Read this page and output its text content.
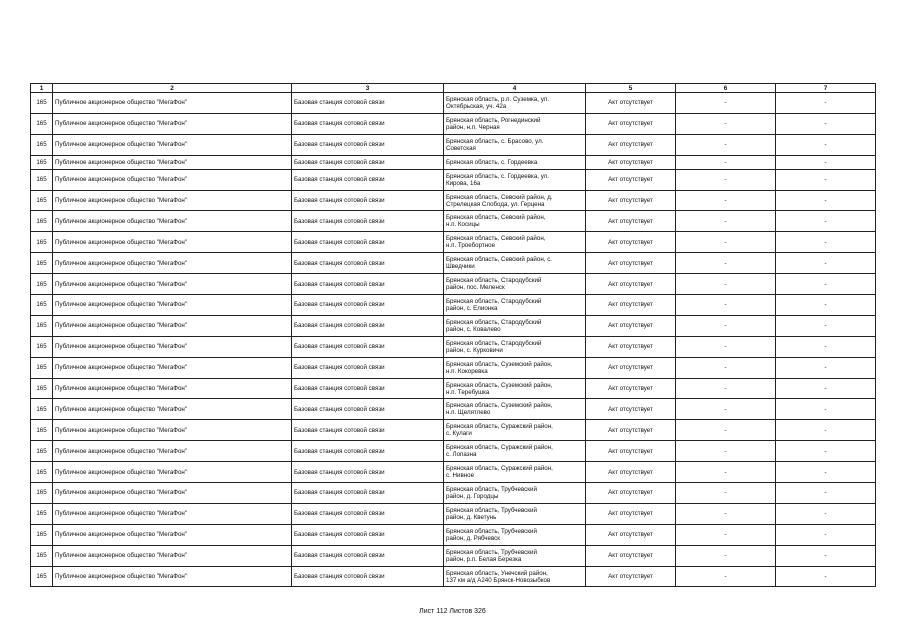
1	2	3	4	5	6	7
165	Публичное акционерное общество "МегаФон"	Базовая станция сотовой связи	Брянская область, р.п. Суземка, ул.
Октябрьская, уч. 42а	Акт отсутствует	-	-
165	Публичное акционерное общество "МегаФон"	Базовая станция сотовой связи	Брянская область, Рогнединский
район, н.п. Черная	Акт отсутствует	-	-
165	Публичное акционерное общество "МегаФон"	Базовая станция сотовой связи	Брянская область, с. Брасово, ул.
Советская	Акт отсутствует	-	-
165	Публичное акционерное общество "МегаФон"	Базовая станция сотовой связи	Брянская область, с. Гордеевка	Акт отсутствует	-	-
165	Публичное акционерное общество "МегаФон"	Базовая станция сотовой связи	Брянская область, с. Гордеевка, ул.
Кирова, 16а	Акт отсутствует	-	-
165	Публичное акционерное общество "МегаФон"	Базовая станция сотовой связи	Брянская область, Севский район, д.
Стрелецкая Слобода, ул. Герцена	Акт отсутствует	-	-
165	Публичное акционерное общество "МегаФон"	Базовая станция сотовой связи	Брянская область, Севский район,
н.п. Косицы	Акт отсутствует	-	-
165	Публичное акционерное общество "МегаФон"	Базовая станция сотовой связи	Брянская область, Севский район,
н.п. Троебортное	Акт отсутствует	-	-
165	Публичное акционерное общество "МегаФон"	Базовая станция сотовой связи	Брянская область, Севский район, с.
Шведчики	Акт отсутствует	-	-
165	Публичное акционерное общество "МегаФон"	Базовая станция сотовой связи	Брянская область, Стародубский
район, пос. Меленск	Акт отсутствует	-	-
165	Публичное акционерное общество "МегаФон"	Базовая станция сотовой связи	Брянская область, Стародубский
район, с. Елионка	Акт отсутствует	-	-
165	Публичное акционерное общество "МегаФон"	Базовая станция сотовой связи	Брянская область, Стародубский
район, с. Ковалево	Акт отсутствует	-	-
165	Публичное акционерное общество "МегаФон"	Базовая станция сотовой связи	Брянская область, Стародубский
район, с. Курковичи	Акт отсутствует	-	-
165	Публичное акционерное общество "МегаФон"	Базовая станция сотовой связи	Брянская область, Суземский район,
н.п. Кокоревка	Акт отсутствует	-	-
165	Публичное акционерное общество "МегаФон"	Базовая станция сотовой связи	Брянская область, Суземский район,
н.п. Теребушка	Акт отсутствует	-	-
165	Публичное акционерное общество "МегаФон"	Базовая станция сотовой связи	Брянская область, Суземский район,
н.п. Щелятлево	Акт отсутствует	-	-
165	Публичное акционерное общество "МегаФон"	Базовая станция сотовой связи	Брянская область, Суражский район,
с. Кулаги	Акт отсутствует	-	-
165	Публичное акционерное общество "МегаФон"	Базовая станция сотовой связи	Брянская область, Суражский район,
с. Лопазна	Акт отсутствует	-	-
165	Публичное акционерное общество "МегаФон"	Базовая станция сотовой связи	Брянская область, Суражский район,
с. Нивное	Акт отсутствует	-	-
165	Публичное акционерное общество "МегаФон"	Базовая станция сотовой связи	Брянская область, Трубчевский
район, д. Городцы	Акт отсутствует	-	-
165	Публичное акционерное общество "МегаФон"	Базовая станция сотовой связи	Брянская область, Трубчевский
район, д. Кветунь	Акт отсутствует	-	-
165	Публичное акционерное общество "МегаФон"	Базовая станция сотовой связи	Брянская область, Трубчевский
район, д. Рябчевск	Акт отсутствует	-	-
165	Публичное акционерное общество "МегаФон"	Базовая станция сотовой связи	Брянская область, Трубчевский
район, р.п. Белая Березка	Акт отсутствует	-	-
165	Публичное акционерное общество "МегаФон"	Базовая станция сотовой связи	Брянская область, Унечский район,
137 км а/д А240 Брянск-Новозыбков	Акт отсутствует	-	-
Лист 112 Листов 326
